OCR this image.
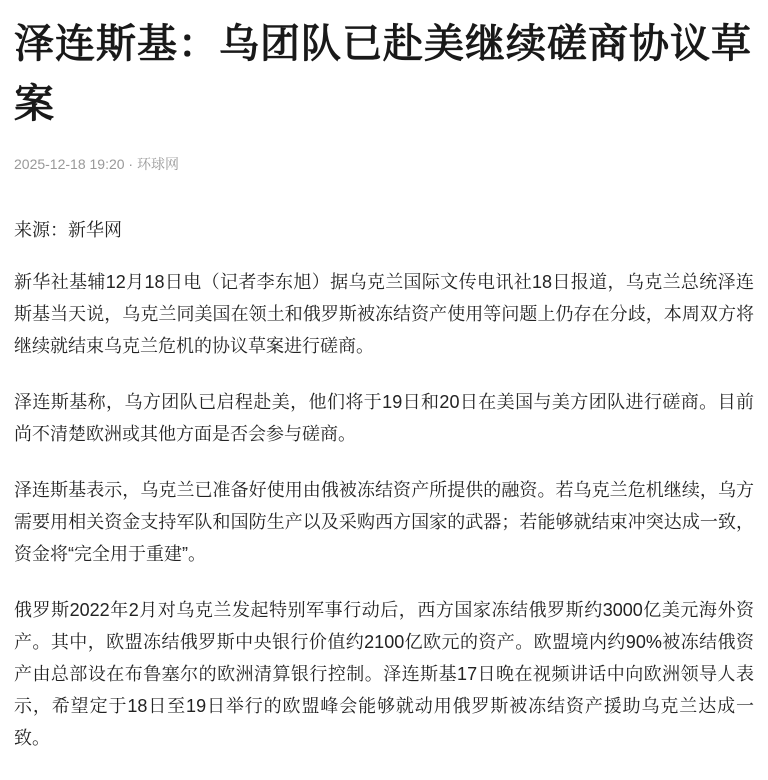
泽连斯基：乌团队已赴美继续磋商协议草案
2025-12-18 19:20 · 环球网

来源：新华网

新华社基辅12月18日电（记者李东旭）据乌克兰国际文传电讯社18日报道，乌克兰总统泽连斯基当天说，乌克兰同美国在领土和俄罗斯被冻结资产使用等问题上仍存在分歧，本周双方将继续就结束乌克兰危机的协议草案进行磋商。

泽连斯基称，乌方团队已启程赴美，他们将于19日和20日在美国与美方团队进行磋商。目前尚不清楚欧洲或其他方面是否会参与磋商。

泽连斯基表示，乌克兰已准备好使用由俄被冻结资产所提供的融资。若乌克兰危机继续，乌方需要用相关资金支持军队和国防生产以及采购西方国家的武器；若能够就结束冲突达成一致，资金将“完全用于重建”。

俄罗斯2022年2月对乌克兰发起特别军事行动后，西方国家冻结俄罗斯约3000亿美元海外资产。其中，欧盟冻结俄罗斯中央银行价值约2100亿欧元的资产。欧盟境内约90%被冻结俄资产由总部设在布鲁塞尔的欧洲清算银行控制。泽连斯基17日晚在视频讲话中向欧洲领导人表示，希望定于18日至19日举行的欧盟峰会能够就动用俄罗斯被冻结资产援助乌克兰达成一致。
